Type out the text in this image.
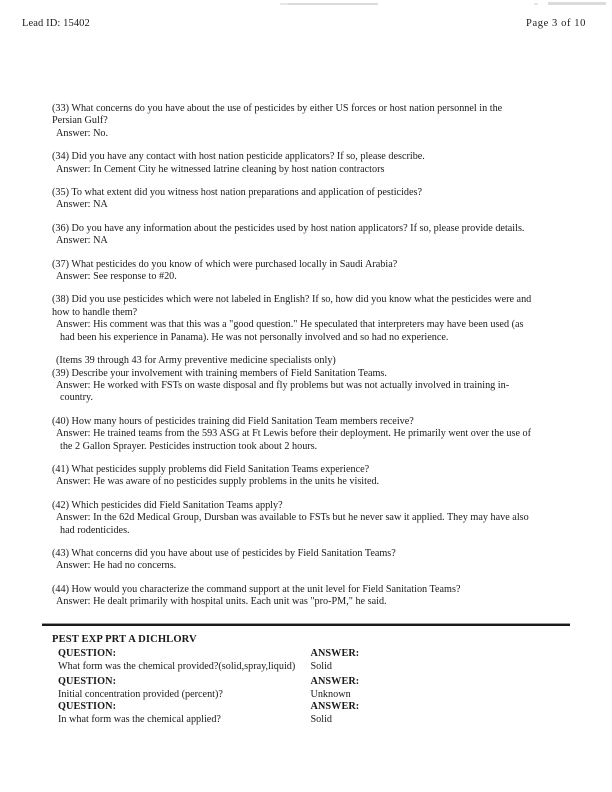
Lead ID: 15402	Page 3 of 10

(33) What concerns do you have about the use of pesticides by either US forces or host nation personnel in the Persian Gulf?

Answer: No.

(34) Did you have any contact with host nation pesticide applicators? If so, please describe.

Answer: In Cement City he witnessed latrine cleaning by host nation contractors

(35) To what extent did you witness host nation preparations and application of pesticides?

Answer: NA

(36) Do you have any information about the pesticides used by host nation applicators? If so, please provide details.

Answer: NA

(37) What pesticides do you know of which were purchased locally in Saudi Arabia?

Answer: See response to #20.

(38) Did you use pesticides which were not labeled in English? If so, how did you know what the pesticides were and how to handle them?

Answer: His comment was that this was a "good question." He speculated that interpreters may have been used (as had been his experience in Panama). He was not personally involved and so had no experience.

(Items 39 through 43 for Army preventive medicine specialists only)

(39) Describe your involvement with training members of Field Sanitation Teams.

Answer: He worked with FSTs on waste disposal and fly problems but was not actually involved in training in-country.

(40) How many hours of pesticides training did Field Sanitation Team members receive?

Answer: He trained teams from the 593 ASG at Ft Lewis before their deployment. He primarily went over the use of the 2 Gallon Sprayer. Pesticides instruction took about 2 hours.

(41) What pesticides supply problems did Field Sanitation Teams experience?

Answer: He was aware of no pesticides supply problems in the units he visited.

(42) Which pesticides did Field Sanitation Teams apply?

Answer: In the 62d Medical Group, Dursban was available to FSTs but he never saw it applied. They may have also had rodenticides.

(43) What concerns did you have about use of pesticides by Field Sanitation Teams?

Answer: He had no concerns.

(44) How would you characterize the command support at the unit level for Field Sanitation Teams?

Answer: He dealt primarily with hospital units. Each unit was "pro-PM," he said.

PEST EXP PRT A DICHLORV
QUESTION:	ANSWER:
What form was the chemical provided?(solid,spray,liquid)	Solid

QUESTION:	ANSWER:
Initial concentration provided (percent)?	Unknown
QUESTION:	ANSWER:
In what form was the chemical applied?	Solid
